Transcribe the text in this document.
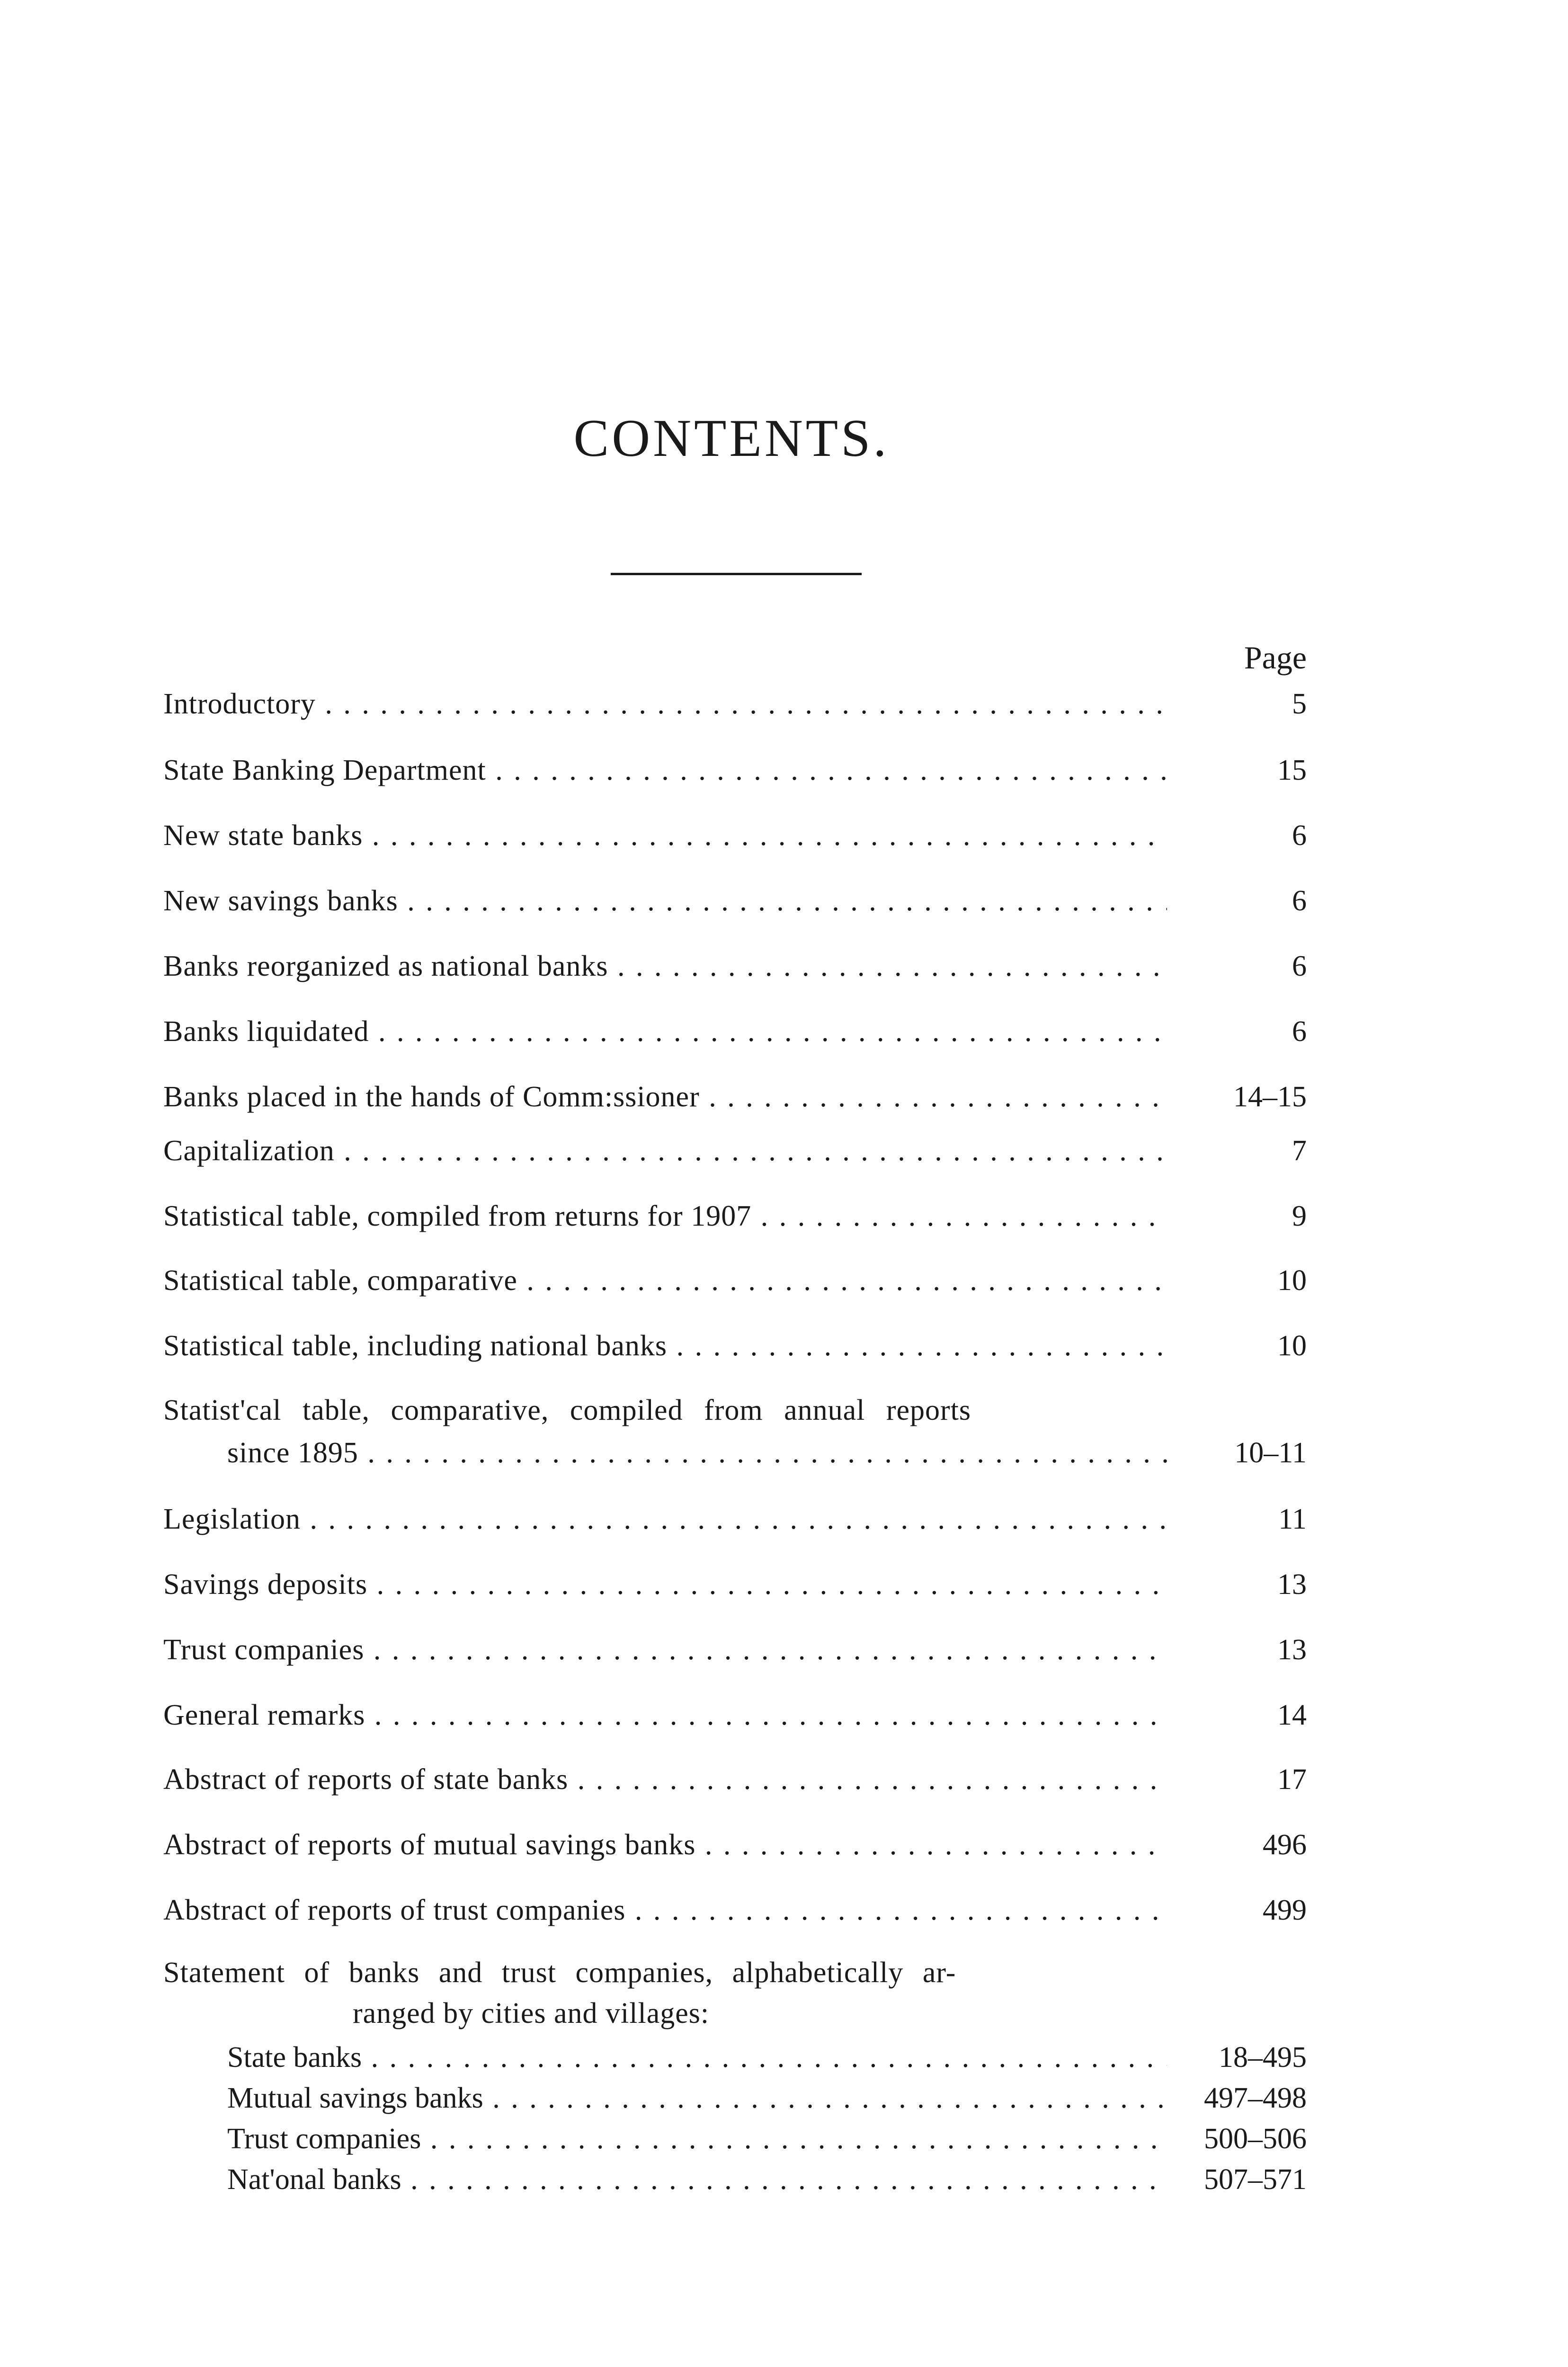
CONTENTS.
Page
Introductory . . .	5
State Banking Department . . .	15
New state banks . . .	6
New savings banks . . .	6
Banks reorganized as national banks . . .	6
Banks liquidated . . .	6
Banks placed in the hands of Comm:ssioner . . .	14–15
Capitalization . . .	7
Statistical table, compiled from returns for 1907 . . .	9
Statistical table, comparative . . .	10
Statistical table, including national banks . . .	10
Statist'cal table, comparative, compiled from annual reports
since 1895 . . .	10–11
Legislation . . .	11
Savings deposits . . .	13
Trust companies . . .	13
General remarks . . .	14
Abstract of reports of state banks . . .	17
Abstract of reports of mutual savings banks . . .	496
Abstract of reports of trust companies . . .	499
Statement of banks and trust companies, alphabetically ar-
ranged by cities and villages:
State banks . . .	18–495
Mutual savings banks . . .	497–498
Trust companies . . .	500–506
Nat'onal banks . . .	507–571
